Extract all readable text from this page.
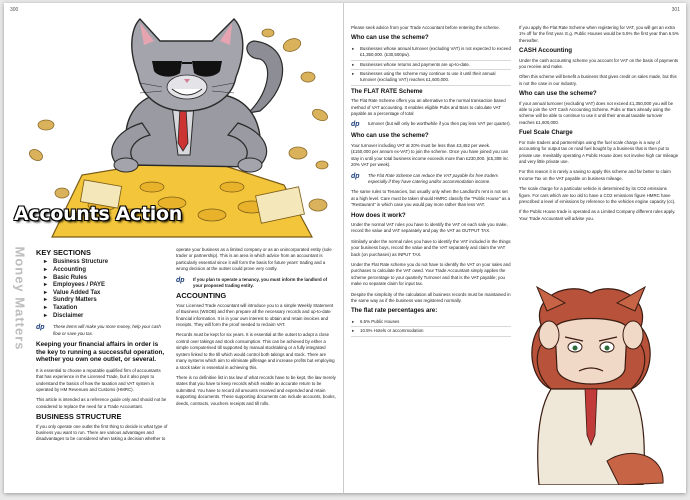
300
Accounts Action
Money Matters KEY SECTIONS
▸ Business Structure
▸ Accounting
▸ Basic Rules
▸ Employees / PAYE
▸ Value Added Tax
▸ Sundry Matters
▸ Taxation
▸ Disclaimer
dp	These items will make you more money, help your cash flow or save you tax.

Keeping your financial affairs in order is the key to running a successful operation, whether you own one outlet, or several.

It is essential to choose a reputable qualified firm of accountants that has experience in the Licensed Trade, but it also pays to understand the basics of how the taxation and VAT system is operated by HM Revenues and Customs (HMRC).

This article is intended as a reference guide only and should not be considered to replace the need for a Trade Accountant.

BUSINESS STRUCTURE

If you only operate one outlet the first thing to decide is what type of business you want to run. There are various advantages and disadvantages to be considered when taking a decision whether to

operate your business as a limited company or as an unincorporated entity (sole trader or partnership). This is an area in which advice from an accountant is particularly essential since it will form the basis for future years' trading and a wrong decision at the outset could prove very costly.

dp	If you plan to operate a tenancy, you must inform the landlord of your proposed trading entity.
ACCOUNTING

Your Licensed Trade Accountant will introduce you to a simple Weekly Statement of Business (WSOB) and then prepare all the necessary records and up-to-date financial information. It is in your own interest to obtain and retain invoices and receipts. They will form the proof needed to reclaim VAT.

Records must be kept for six years. It is essential at the outset to adopt a close control over takings and stock consumption. This can be achieved by either a simple computerised till supported by manual stocktaking or a fully integrated system linked to the till which would control both takings and stock. There are many systems which aim to eliminate pilferage and increase profits but employing a stock taker is essential in achieving this.

There is no definitive list in tax law of what records have to be kept, the law merely states that you have to keep records which enable an accurate return to be submitted. You have to record all amounts received and expended and retain supporting documents. These supporting documents can include accounts, books, deeds, contracts, vouchers receipts and till rolls.

301

Please seek advice from your Trade Accountant before entering the scheme.

Who can use the scheme?
▸ Businesses whose annual turnover (excluding VAT) is not expected to exceed £1,350,000. (£30,500pw).
▸ Businesses whose returns and payments are up-to-date.
▸ Businesses using the scheme may continue to use it until their annual turnover (excluding VAT) reaches £1,600,000.
The FLAT RATE Scheme

The Flat Rate Scheme offers you an alternative to the normal transaction based method of VAT accounting. It enables eligible Pubs and Bars to calculate VAT payable as a percentage of total

dp	turnover (but will only be worthwhile if you then pay less VAT per quarter).
Who can use the scheme?

Your turnover including VAT at 20% must be less than £3,462 per week. (£150,000 per annum ex-VAT) to join the scheme. Once you have joined you can stay in until your total business income exceeds more than £230,000. (£5,308 inc 20% VAT per week).

dp	The Flat Rate Scheme can reduce the VAT payable for free traders especially if they have catering and/or accommodation income.

The same rules to Tenancies, but usually only when the Landlord's rent is not set at a high level. Care must be taken should HMRC classify the "Public House" as a "Restaurant" in which case you would pay more rather than less VAT.

How does it work?

Under the normal VAT rules you have to identify the VAT on each sale you make, record the value and VAT separately and pay the VAT as OUTPUT TAX.

Similarly under the normal rules you have to identify the VAT included in the things your business buys, record the value and the VAT separately and claim the VAT back (on purchases) as INPUT TAX.

Under the Flat Rate scheme you do not have to identify the VAT on your sales and purchases to calculate the VAT owed. Your Trade Accountant simply applies the scheme percentage to your quarterly Turnover and that is the VAT payable; you make no separate claim for input tax.

Despite the simplicity of the calculation all business records must be maintained in the same way as if the business was registered normally.

The flat rate percentages are:
▸ 6.5% Public Houses
▸ 10.5% Hotels or accommodation

If you apply the Flat Rate Scheme when registering for VAT, you will get an extra 1% off for the first year. E.g. Public Houses would be 5.5% the first year than 6.5% thereafter.

CASH Accounting

Under the cash accounting scheme you account for VAT on the basis of payments you receive and make.

Often this scheme will benefit a business that gives credit on sales made, but this is not the case in our industry.

Who can use the scheme?

If your annual turnover (excluding VAT) does not exceed £1,350,000 you will be able to join the VAT Cash Accounting Scheme. Pubs or Bars already using the scheme will be able to continue to use it until their annual taxable turnover reaches £1,600,000.

Fuel Scale Charge

For Sole traders and partnerships using the fuel scale charge is a way of accounting for output tax on road fuel bought by a business that is then put to private use. Inevitably operating A Public House does not involve high car mileage and very little private use.

For this reason it is rarely a saving to apply this scheme and far better to claim Income Tax on the VAT payable on business mileage.

The scale charge for a particular vehicle is determined by its CO2 emissions figure. For cars which are too old to have a CO2 emissions figure HMRC have prescribed a level of emissions by reference to the vehicles engine capacity (cc).

If the Public House trade is operated as a Limited Company different rules apply. Your Trade Accountant will advise you.
